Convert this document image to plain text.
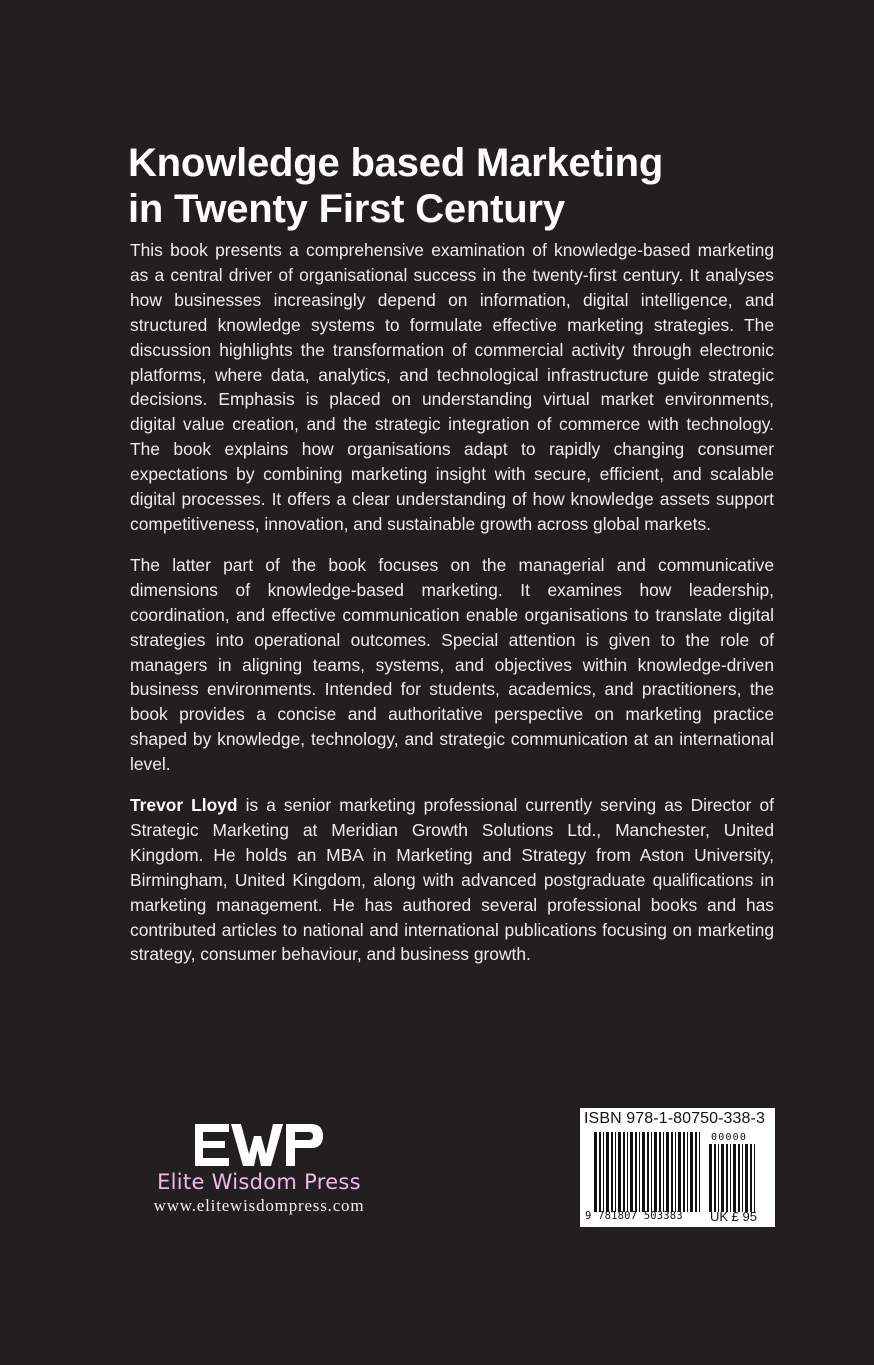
Knowledge based Marketing
in Twenty First Century

This book presents a comprehensive examination of knowledge-based marketing as a central driver of organisational success in the twenty-first century. It analyses how businesses increasingly depend on information, digital intelligence, and structured knowledge systems to formulate effective marketing strategies. The discussion highlights the transformation of commercial activity through electronic platforms, where data, analytics, and technological infrastructure guide strategic decisions. Emphasis is placed on understanding virtual market environments, digital value creation, and the strategic integration of commerce with technology. The book explains how organisations adapt to rapidly changing consumer expectations by combining marketing insight with secure, efficient, and scalable digital processes. It offers a clear understanding of how knowledge assets support competitiveness, innovation, and sustainable growth across global markets.

The latter part of the book focuses on the managerial and communicative dimensions of knowledge-based marketing. It examines how leadership, coordination, and effective communication enable organisations to translate digital strategies into operational outcomes. Special attention is given to the role of managers in aligning teams, systems, and objectives within knowledge-driven business environments. Intended for students, academics, and practitioners, the book provides a concise and authoritative perspective on marketing practice shaped by knowledge, technology, and strategic communication at an international level.

Trevor Lloyd is a senior marketing professional currently serving as Director of Strategic Marketing at Meridian Growth Solutions Ltd., Manchester, United Kingdom. He holds an MBA in Marketing and Strategy from Aston University, Birmingham, United Kingdom, along with advanced postgraduate qualifications in marketing management. He has authored several professional books and has contributed articles to national and international publications focusing on marketing strategy, consumer behaviour, and business growth.

Elite Wisdom Press
www.elitewisdompress.com
ISBN 978-1-80750-338-3
00000
9 781807 503383 UK £ 95
